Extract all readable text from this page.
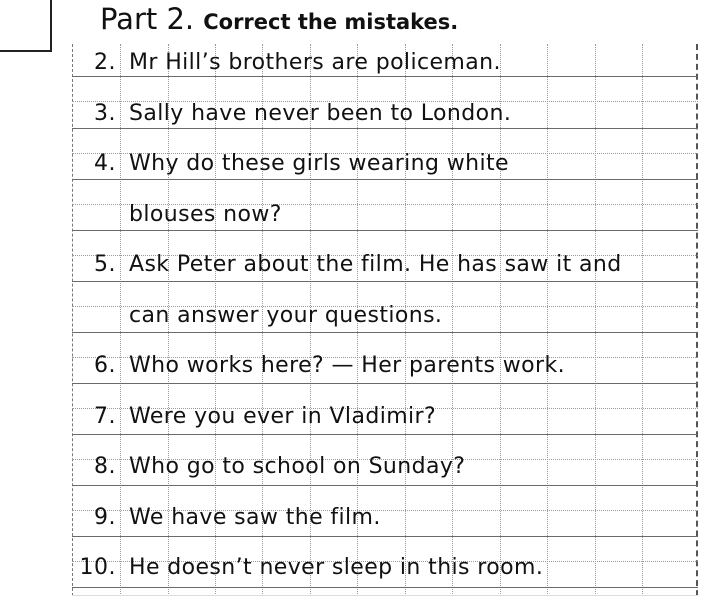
Part 2. Correct the mistakes.
2. Mr Hill’s brothers are policeman.
3. Sally have never been to London.
4. Why do these girls wearing white
blouses now?
5. Ask Peter about the film. He has saw it and
can answer your questions.
6. Who works here? — Her parents work.
7. Were you ever in Vladimir?
8. Who go to school on Sunday?
9. We have saw the film.
10. He doesn’t never sleep in this room.
